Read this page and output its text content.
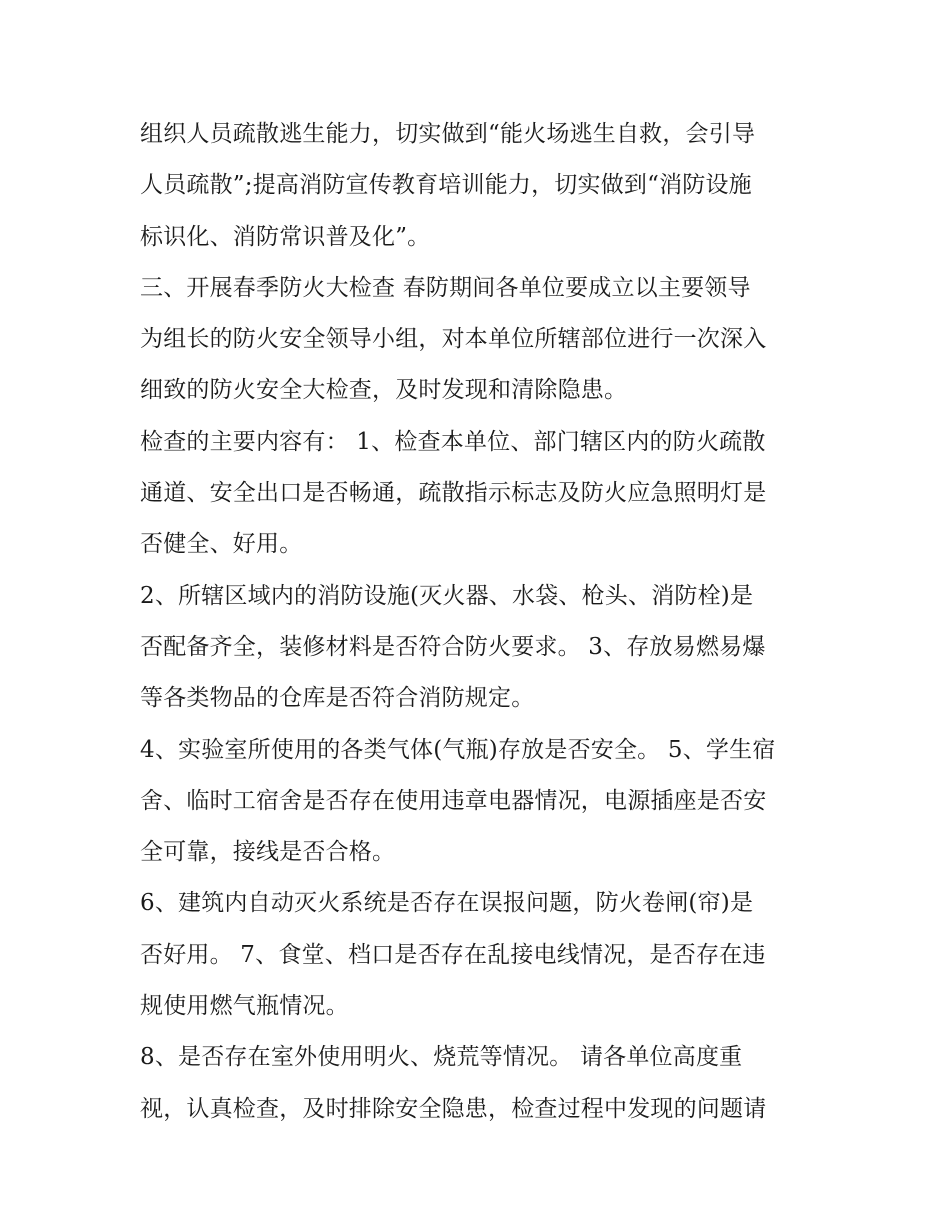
组织人员疏散逃生能力，切实做到“能火场逃生自救，会引导
人员疏散”;提高消防宣传教育培训能力，切实做到“消防设施
标识化、消防常识普及化”。
三、开展春季防火大检查 春防期间各单位要成立以主要领导
为组长的防火安全领导小组，对本单位所辖部位进行一次深入
细致的防火安全大检查，及时发现和清除隐患。
检查的主要内容有： 1、检查本单位、部门辖区内的防火疏散
通道、安全出口是否畅通，疏散指示标志及防火应急照明灯是
否健全、好用。
2、所辖区域内的消防设施(灭火器、水袋、枪头、消防栓)是
否配备齐全，装修材料是否符合防火要求。 3、存放易燃易爆
等各类物品的仓库是否符合消防规定。
4、实验室所使用的各类气体(气瓶)存放是否安全。 5、学生宿
舍、临时工宿舍是否存在使用违章电器情况，电源插座是否安
全可靠，接线是否合格。
6、建筑内自动灭火系统是否存在误报问题，防火卷闸(帘)是
否好用。 7、食堂、档口是否存在乱接电线情况，是否存在违
规使用燃气瓶情况。
8、是否存在室外使用明火、烧荒等情况。 请各单位高度重
视，认真检查，及时排除安全隐患，检查过程中发现的问题请
